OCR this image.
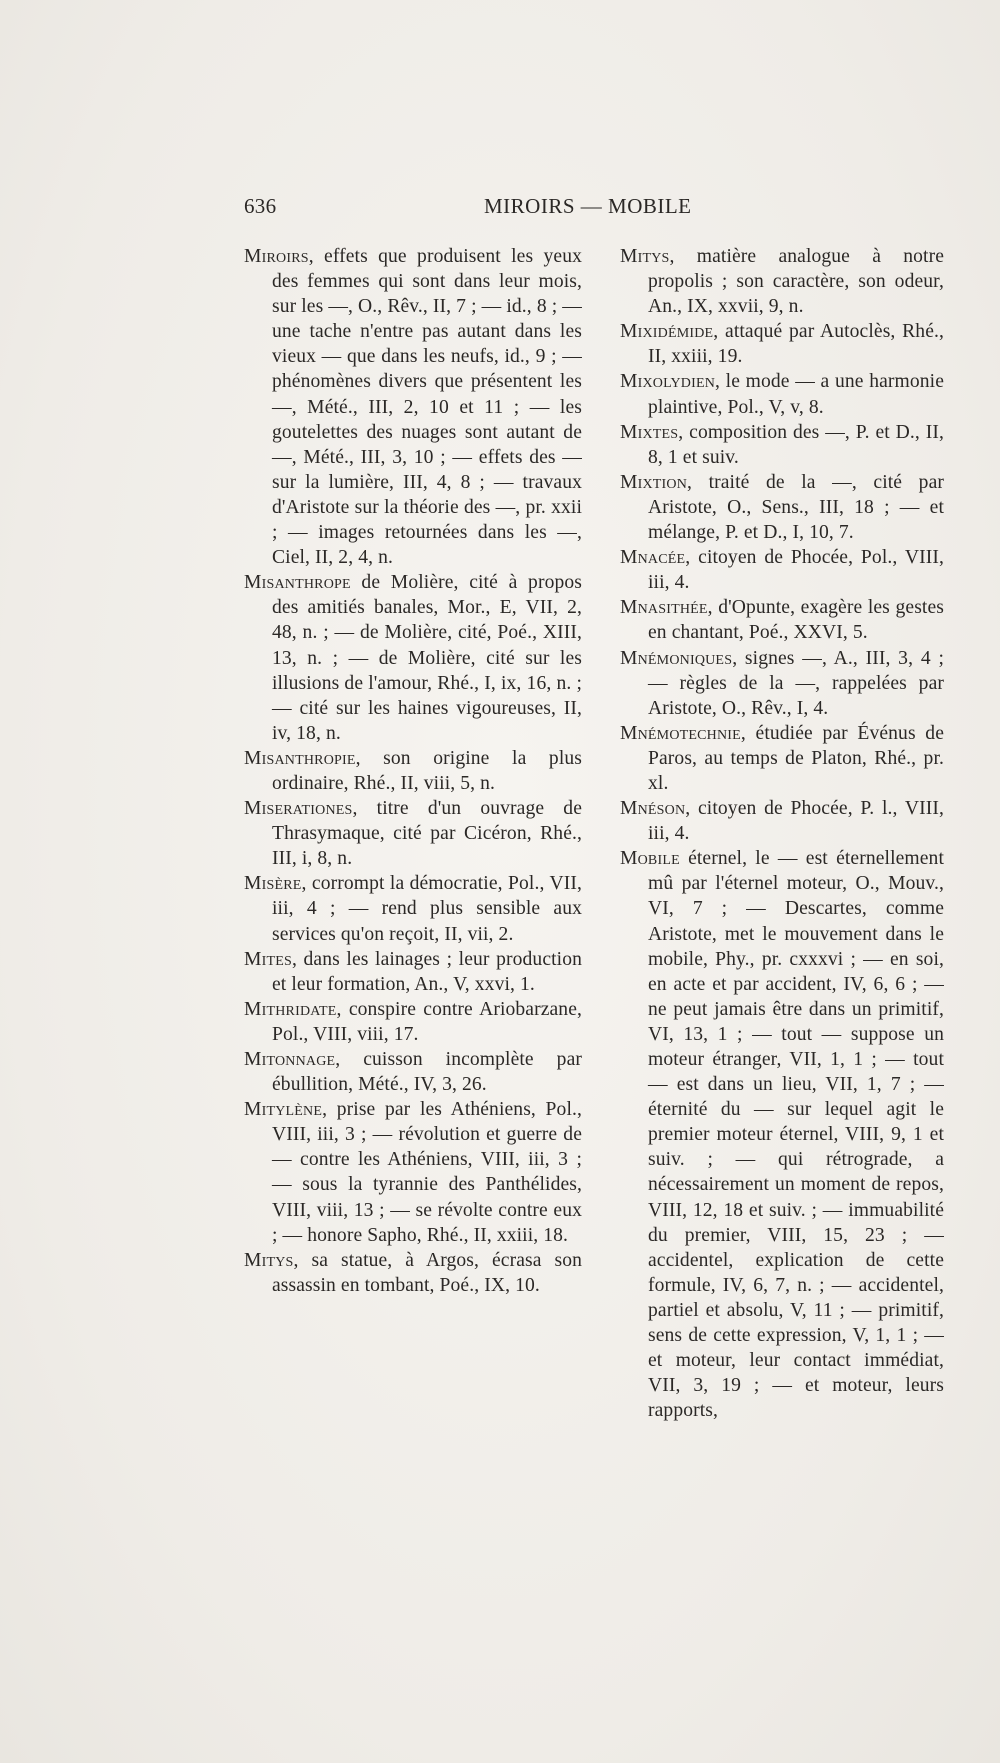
636	MIROIRS — MOBILE

Miroirs, effets que produisent les yeux des femmes qui sont dans leur mois, sur les —, O., Rêv., II, 7 ; — id., 8 ; — une tache n'entre pas autant dans les vieux — que dans les neufs, id., 9 ; — phénomènes divers que présentent les —, Mété., III, 2, 10 et 11 ; — les goutelettes des nuages sont autant de —, Mété., III, 3, 10 ; — effets des — sur la lumière, III, 4, 8 ; — travaux d'Aristote sur la théorie des —, pr. xxii ; — images retournées dans les —, Ciel, II, 2, 4, n.

Misanthrope de Molière, cité à propos des amitiés banales, Mor., E, VII, 2, 48, n. ; — de Molière, cité, Poé., XIII, 13, n. ; — de Molière, cité sur les illusions de l'amour, Rhé., I, ix, 16, n. ; — cité sur les haines vigoureuses, II, iv, 18, n.

Misanthropie, son origine la plus ordinaire, Rhé., II, viii, 5, n.

Miserationes, titre d'un ouvrage de Thrasymaque, cité par Cicéron, Rhé., III, i, 8, n.

Misère, corrompt la démocratie, Pol., VII, iii, 4 ; — rend plus sensible aux services qu'on reçoit, II, vii, 2.

Mites, dans les lainages ; leur production et leur formation, An., V, xxvi, 1.

Mithridate, conspire contre Ariobarzane, Pol., VIII, viii, 17.

Mitonnage, cuisson incomplète par ébullition, Mété., IV, 3, 26.

Mitylène, prise par les Athéniens, Pol., VIII, iii, 3 ; — révolution et guerre de — contre les Athéniens, VIII, iii, 3 ; — sous la tyrannie des Panthélides, VIII, viii, 13 ; — se révolte contre eux ; — honore Sapho, Rhé., II, xxiii, 18.

Mitys, sa statue, à Argos, écrasa son assassin en tombant, Poé., IX, 10.

Mitys, matière analogue à notre propolis ; son caractère, son odeur, An., IX, xxvii, 9, n.

Mixidémide, attaqué par Autoclès, Rhé., II, xxiii, 19.

Mixolydien, le mode — a une harmonie plaintive, Pol., V, v, 8.

Mixtes, composition des —, P. et D., II, 8, 1 et suiv.

Mixtion, traité de la —, cité par Aristote, O., Sens., III, 18 ; — et mélange, P. et D., I, 10, 7.

Mnacée, citoyen de Phocée, Pol., VIII, iii, 4.

Mnasithée, d'Opunte, exagère les gestes en chantant, Poé., XXVI, 5.

Mnémoniques, signes —, A., III, 3, 4 ; — règles de la —, rappelées par Aristote, O., Rêv., I, 4.

Mnémotechnie, étudiée par Événus de Paros, au temps de Platon, Rhé., pr. xl.

Mnéson, citoyen de Phocée, P. l., VIII, iii, 4.

Mobile éternel, le — est éternellement mû par l'éternel moteur, O., Mouv., VI, 7 ; — Descartes, comme Aristote, met le mouvement dans le mobile, Phy., pr. cxxxvi ; — en soi, en acte et par accident, IV, 6, 6 ; — ne peut jamais être dans un primitif, VI, 13, 1 ; — tout — suppose un moteur étranger, VII, 1, 1 ; — tout — est dans un lieu, VII, 1, 7 ; — éternité du — sur lequel agit le premier moteur éternel, VIII, 9, 1 et suiv. ; — qui rétrograde, a nécessairement un moment de repos, VIII, 12, 18 et suiv. ; — immuabilité du premier, VIII, 15, 23 ; — accidentel, explication de cette formule, IV, 6, 7, n. ; — accidentel, partiel et absolu, V, 11 ; — primitif, sens de cette expression, V, 1, 1 ; — et moteur, leur contact immédiat, VII, 3, 19 ; — et moteur, leurs rapports,
